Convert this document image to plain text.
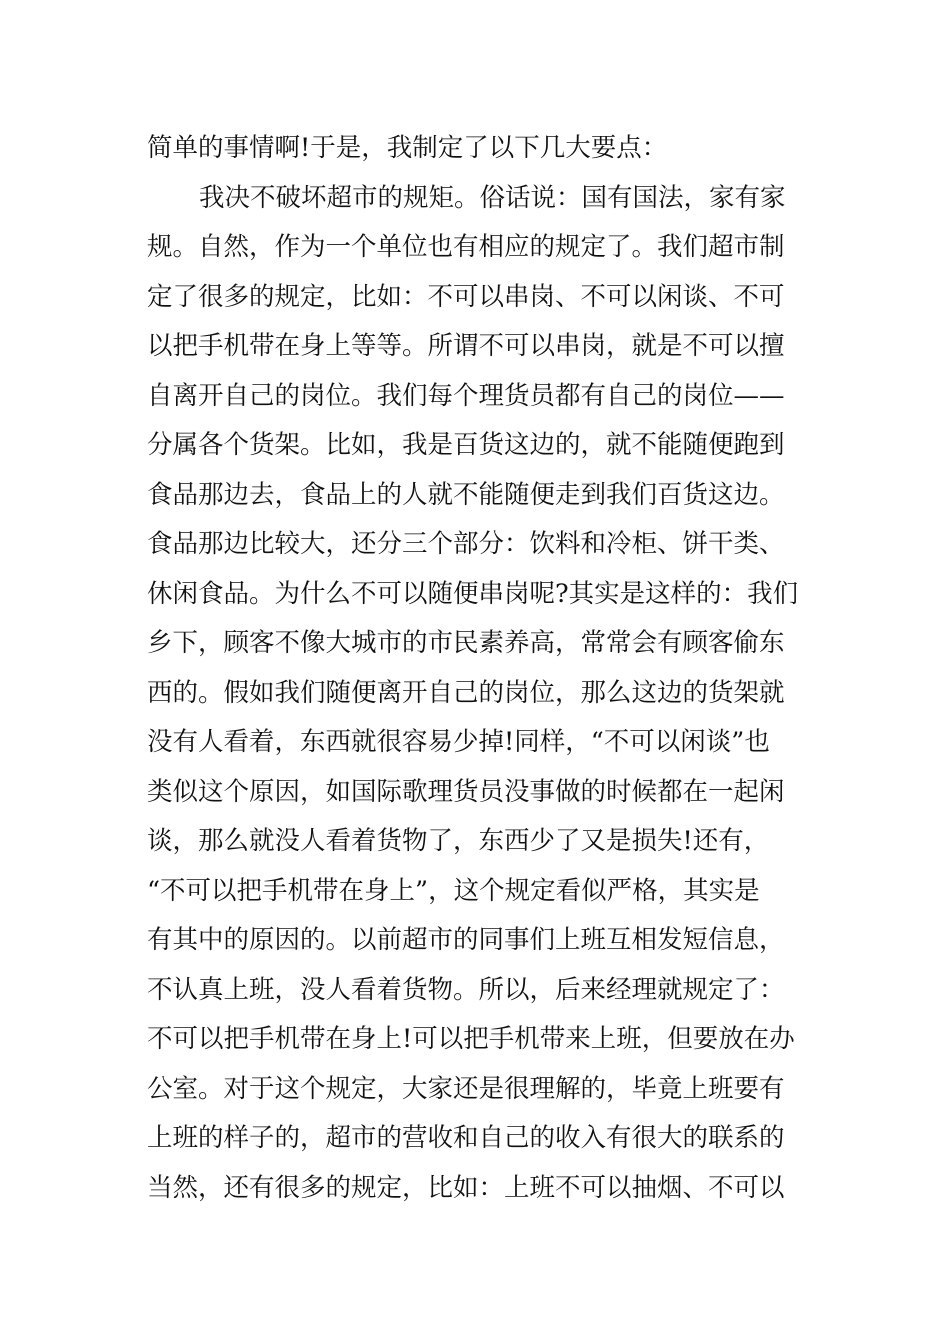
简单的事情啊!于是，我制定了以下几大要点：
我决不破坏超市的规矩。俗话说：国有国法，家有家
规。自然，作为一个单位也有相应的规定了。我们超市制
定了很多的规定，比如：不可以串岗、不可以闲谈、不可
以把手机带在身上等等。所谓不可以串岗，就是不可以擅
自离开自己的岗位。我们每个理货员都有自己的岗位——
分属各个货架。比如，我是百货这边的，就不能随便跑到
食品那边去，食品上的人就不能随便走到我们百货这边。
食品那边比较大，还分三个部分：饮料和冷柜、饼干类、
休闲食品。为什么不可以随便串岗呢?其实是这样的：我们
乡下，顾客不像大城市的市民素养高，常常会有顾客偷东
西的。假如我们随便离开自己的岗位，那么这边的货架就
没有人看着，东西就很容易少掉!同样，“不可以闲谈”也
类似这个原因，如国际歌理货员没事做的时候都在一起闲
谈，那么就没人看着货物了，东西少了又是损失!还有，
“不可以把手机带在身上”，这个规定看似严格，其实是
有其中的原因的。以前超市的同事们上班互相发短信息，
不认真上班，没人看着货物。所以，后来经理就规定了：
不可以把手机带在身上!可以把手机带来上班，但要放在办
公室。对于这个规定，大家还是很理解的，毕竟上班要有
上班的样子的，超市的营收和自己的收入有很大的联系的
当然，还有很多的规定，比如：上班不可以抽烟、不可以
